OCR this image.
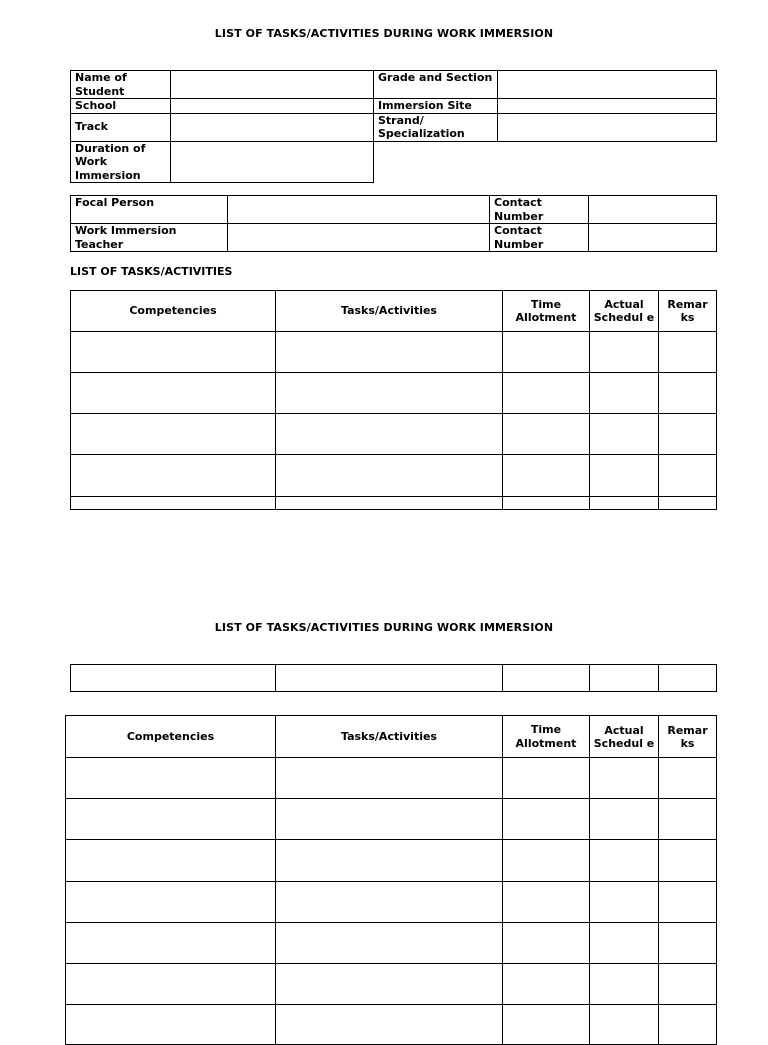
LIST OF TASKS/ACTIVITIES DURING WORK IMMERSION
Name of Student		Grade and Section	
School		Immersion Site	
Track		Strand/ Specialization	
Duration of Work Immersion			
Focal Person		Contact Number	
Work Immersion Teacher		Contact Number	
LIST OF TASKS/ACTIVITIES
Competencies	Tasks/Activities	Time Allotment	Actual Schedul e	Remar ks

LIST OF TASKS/ACTIVITIES DURING WORK IMMERSION

Competencies	Tasks/Activities	Time Allotment	Actual Schedul e	Remar ks
